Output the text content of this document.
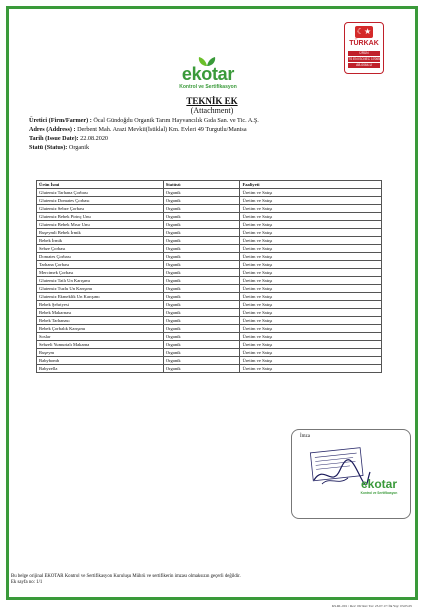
ekotar
Kontrol ve Sertifikasyon
☾★
TÜRKAK
ÜRÜN
TS EN ISO/IEC 17065
AB-0064-U
TEKNİK EK
(Attachment)
Üretici (Firm/Farmer) : Öcal Gündoğdu Organik Tarım Hayvancılık Gıda San. ve Tic. A.Ş.
Adres (Address) : Derbent Mah. Arazi Mevkii(İstiklal) Km. Evleri 49 Turgutlu/Manisa
Tarih (Issue Date): 22.08.2020
Statü (Status): Organik
Ürün İsmi	Statüsü	Faaliyeti
Glutensiz Tarhana Çorbası	Organik	Üretim ve Satışı
Glutensiz Domates Çorbası	Organik	Üretim ve Satışı
Glutensiz Sebze Çorbası	Organik	Üretim ve Satışı
Glutensiz Bebek Pirinç Unu	Organik	Üretim ve Satışı
Glutensiz Bebek Mısır Unu	Organik	Üretim ve Satışı
Ruşeymli Bebek İrmik	Organik	Üretim ve Satışı
Bebek İrmik	Organik	Üretim ve Satışı
Sebze Çorbası	Organik	Üretim ve Satışı
Domates Çorbası	Organik	Üretim ve Satışı
Tarhana Çorbası	Organik	Üretim ve Satışı
Mercimek Çorbası	Organik	Üretim ve Satışı
Glutensiz Tatlı Un Karışımı	Organik	Üretim ve Satışı
Glutensiz Tuzlu Un Karışımı	Organik	Üretim ve Satışı
Glutensiz Ekmeklik Un Karışımı	Organik	Üretim ve Satışı
Bebek Şehriyesi	Organik	Üretim ve Satışı
Bebek Makarnası	Organik	Üretim ve Satışı
Bebek Tarhanası	Organik	Üretim ve Satışı
Bebek Çorbalık Karışımı	Organik	Üretim ve Satışı
Soslar	Organik	Üretim ve Satışı
Sebzeli Yumurtalı Makarna	Organik	Üretim ve Satışı
Ruşeym	Organik	Üretim ve Satışı
Babybomb	Organik	Üretim ve Satışı
Babyzella	Organik	Üretim ve Satışı
İmza
ekotar
Kontrol ve Sertifikasyon
Bu belge orijinal EKOTAR Kontrol ve Sertifikasyon Kuruluşu Mührü ve sertifikerin imzası olmaksızın geçerli değildir.
Ek sayfa no: 1/1
KS.RL.001 / Rev: 09/ Rev Tar: 23.07.17/ İlk Yay: 03.05.05
